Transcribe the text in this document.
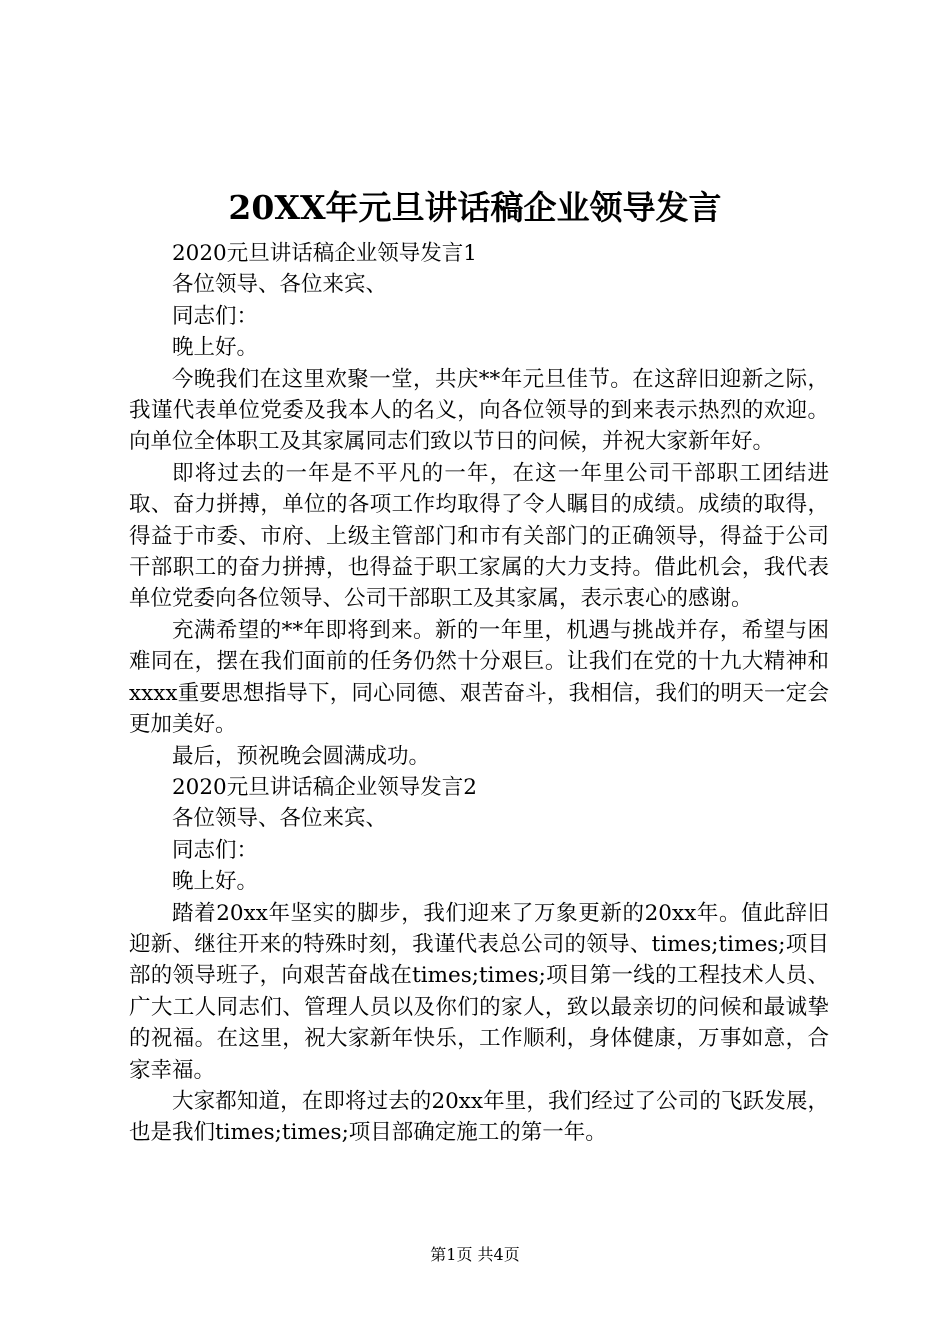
20XX年元旦讲话稿企业领导发言

2020元旦讲话稿企业领导发言1

各位领导、各位来宾、

同志们：

晚上好。

今晚我们在这里欢聚一堂，共庆**年元旦佳节。在这辞旧迎新之际，我谨代表单位党委及我本人的名义，向各位领导的到来表示热烈的欢迎。向单位全体职工及其家属同志们致以节日的问候，并祝大家新年好。

即将过去的一年是不平凡的一年，在这一年里公司干部职工团结进取、奋力拼搏，单位的各项工作均取得了令人瞩目的成绩。成绩的取得，得益于市委、市府、上级主管部门和市有关部门的正确领导，得益于公司干部职工的奋力拼搏，也得益于职工家属的大力支持。借此机会，我代表单位党委向各位领导、公司干部职工及其家属，表示衷心的感谢。

充满希望的**年即将到来。新的一年里，机遇与挑战并存，希望与困难同在，摆在我们面前的任务仍然十分艰巨。让我们在党的十九大精神和xxxx重要思想指导下，同心同德、艰苦奋斗，我相信，我们的明天一定会更加美好。

最后，预祝晚会圆满成功。

2020元旦讲话稿企业领导发言2

各位领导、各位来宾、

同志们：

晚上好。

踏着20xx年坚实的脚步，我们迎来了万象更新的20xx年。值此辞旧迎新、继往开来的特殊时刻，我谨代表总公司的领导、times;times;项目部的领导班子，向艰苦奋战在times;times;项目第一线的工程技术人员、广大工人同志们、管理人员以及你们的家人，致以最亲切的问候和最诚挚的祝福。在这里，祝大家新年快乐，工作顺利，身体健康，万事如意，合家幸福。

大家都知道，在即将过去的20xx年里，我们经过了公司的飞跃发展，也是我们times;times;项目部确定施工的第一年。

第1页 共4页
